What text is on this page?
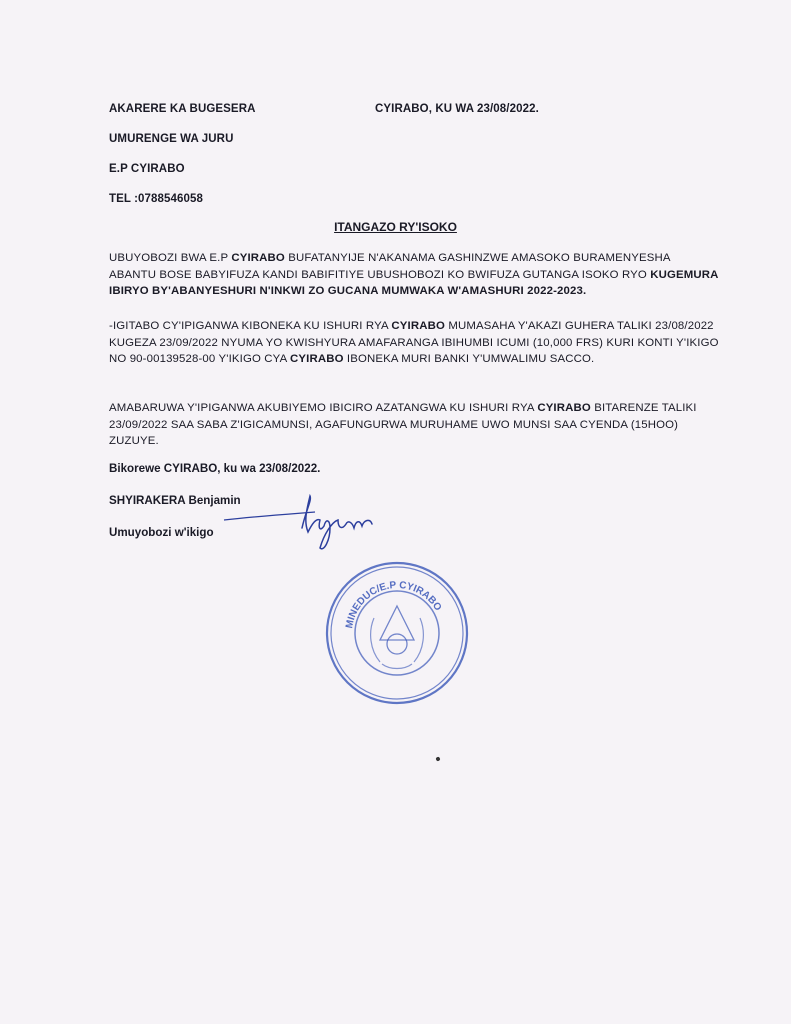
AKARERE KA BUGESERA	CYIRABO, KU WA 23/08/2022.
UMURENGE WA JURU
E.P CYIRABO
TEL :0788546058
ITANGAZO RY'ISOKO
UBUYOBOZI BWA E.P CYIRABO BUFATANYIJE N'AKANAMA GASHINZWE AMASOKO BURAMENYESHA ABANTU BOSE BABYIFUZA KANDI BABIFITIYE UBUSHOBOZI KO BWIFUZA GUTANGA ISOKO RYO KUGEMURA IBIRYO BY'ABANYESHURI N'INKWI ZO GUCANA MUMWAKA W'AMASHURI 2022-2023.
-IGITABO CY'IPIGANWA KIBONEKA KU ISHURI RYA CYIRABO MUMASAHA Y'AKAZI GUHERA TALIKI 23/08/2022 KUGEZA 23/09/2022 NYUMA YO KWISHYURA AMAFARANGA IBIHUMBI ICUMI (10,000 FRS) KURI KONTI Y'IKIGO NO 90-00139528-00 Y'IKIGO CYA CYIRABO IBONEKA MURI BANKI Y'UMWALIMU SACCO.
AMABARUWA Y'IPIGANWA AKUBIYEMO IBICIRO AZATANGWA KU ISHURI RYA CYIRABO BITARENZE TALIKI 23/09/2022 SAA SABA Z'IGICAMUNSI, AGAFUNGURWA MURUHAME UWO MUNSI SAA CYENDA (15HOO) ZUZUYE.
Bikorewe CYIRABO, ku wa 23/08/2022.
SHYIRAKERA Benjamin
Umuyobozi w'ikigo
MINEDUC/E.P CYIRABO
